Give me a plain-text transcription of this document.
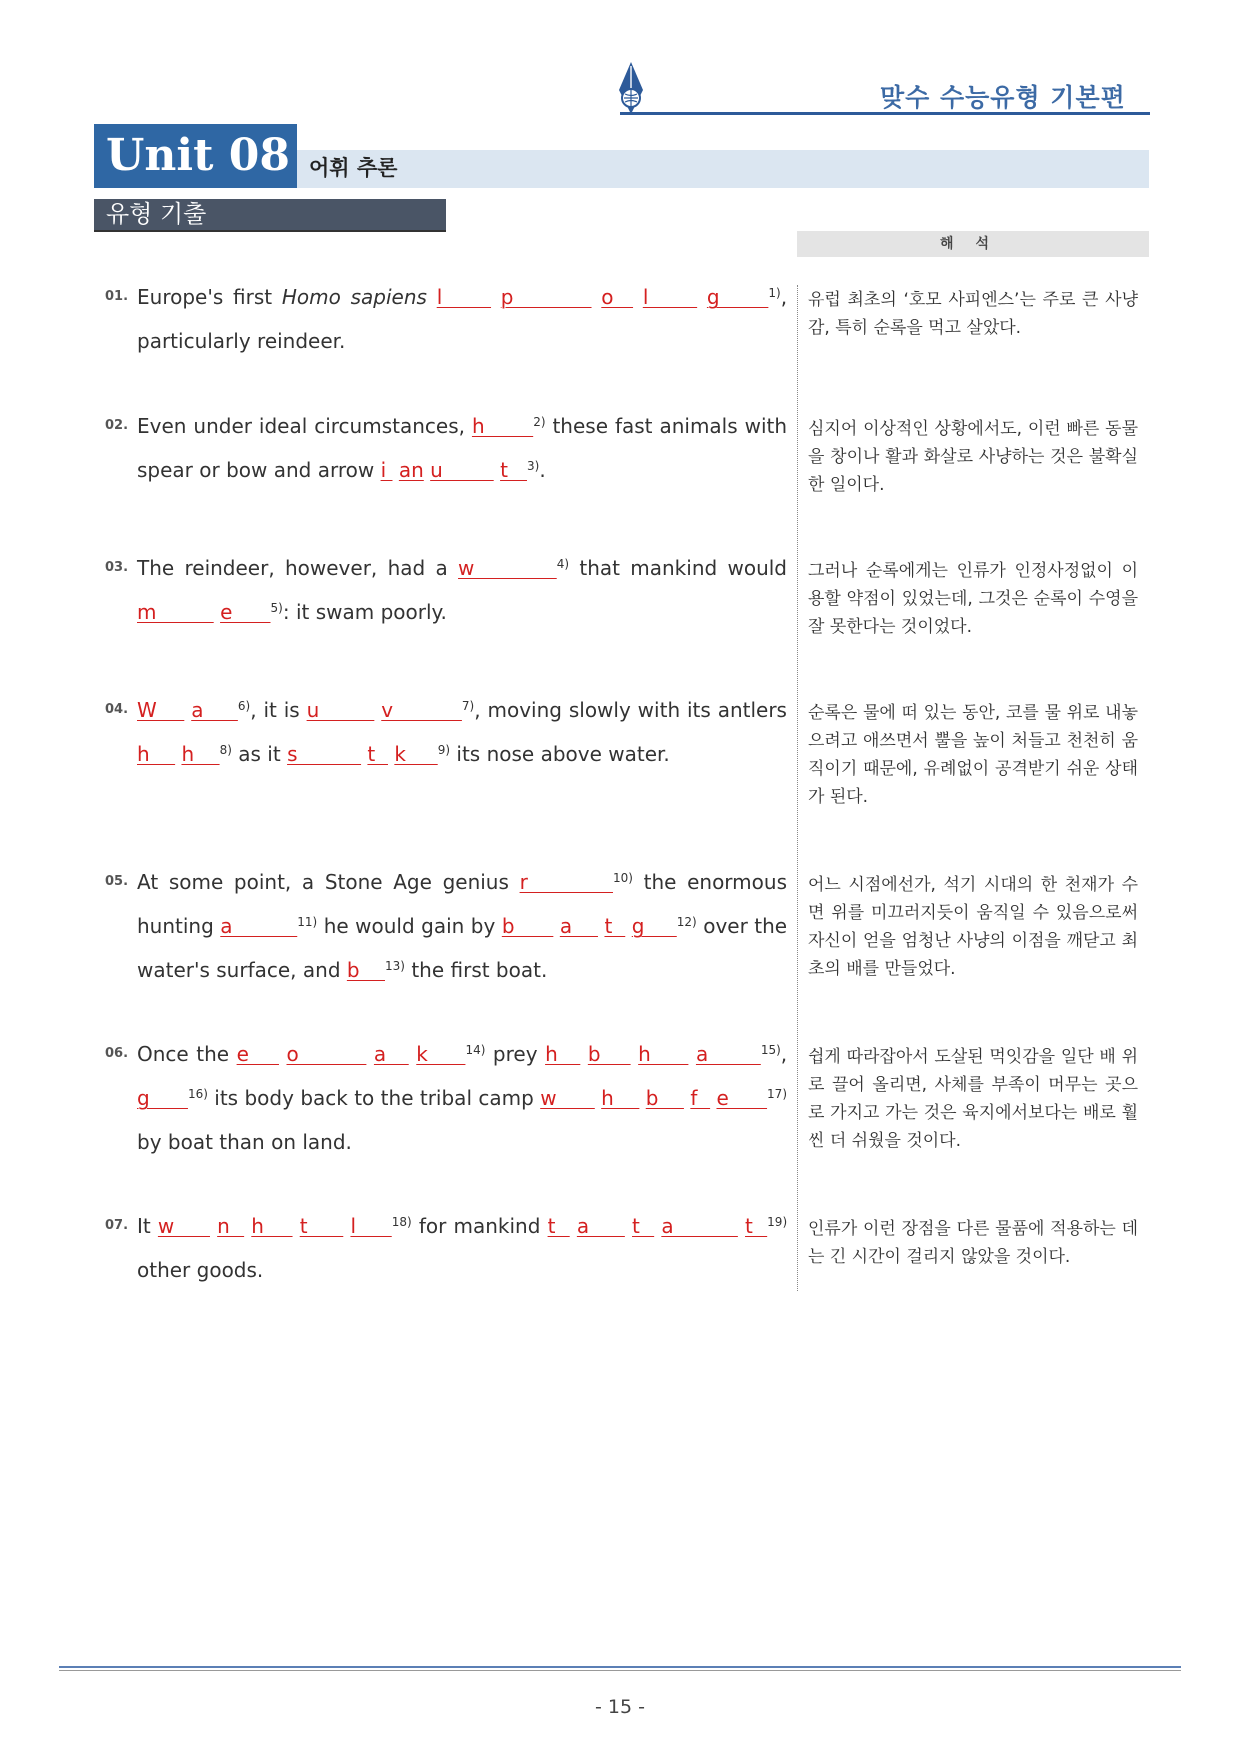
맞수 수능유형 기본편
Unit 08 어휘 추론
유형 기출
해석
01. Europe's first Homo sapiens l      p         o   l      g     $^{1)}$, particularly reindeer.
유럽 최초의 ‘호모 사피엔스’는 주로 큰 사냥감, 특히 순록을 먹고 살았다.
02. Even under ideal circumstances, h       $^{2)}$ these fast animals with spear or bow and arrow i  an u         t   $^{3)}$.
심지어 이상적인 상황에서도, 이런 빠른 동물을 창이나 활과 화살로 사냥하는 것은 불확실한 일이다.
03. The reindeer, however, had a w        $^{4)}$ that mankind would m          e      $^{5)}$: it swam poorly.
그러나 순록에게는 인류가 인정사정없이 이용할 약점이 있었는데, 그것은 순록이 수영을 잘 못한다는 것이었다.
04. W     a     $^{6)}$, it is u         v          $^{7)}$, moving slowly with its antlers h     h    $^{8)}$ as it s           t   k     $^{9)}$ its nose above water.
순록은 물에 떠 있는 동안, 코를 물 위로 내놓으려고 애쓰면서 뿔을 높이 처들고 천천히 움직이기 때문에, 유례없이 공격받기 쉬운 상태가 된다.
05. At some point, a Stone Age genius r        $^{10)}$ the enormous hunting a          $^{11)}$ he would gain by b       a     t   g     $^{12)}$ over the water's surface, and b    $^{13)}$ the first boat.
어느 시점에선가, 석기 시대의 한 천재가 수면 위를 미끄러지듯이 움직일 수 있음으로써 자신이 얻을 엄청난 사냥의 이점을 깨닫고 최초의 배를 만들었다.
06. Once the e     o          a    k     $^{14)}$ prey h    b     h      a       $^{15)}$, g      $^{16)}$ its body back to the tribal camp w       h     b     f   e      $^{17)}$ by boat than on land.
쉽게 따라잡아서 도살된 먹잇감을 일단 배 위로 끌어 올리면, 사체를 부족이 머무는 곳으로 가지고 가는 것은 육지에서보다는 배로 훨씬 더 쉬웠을 것이다.
07. It w      n   h     t      l     $^{18)}$ for mankind t   a      t   a          t  $^{19)}$ other goods.
인류가 이런 장점을 다른 물품에 적용하는 데는 긴 시간이 걸리지 않았을 것이다.
- 15 -
